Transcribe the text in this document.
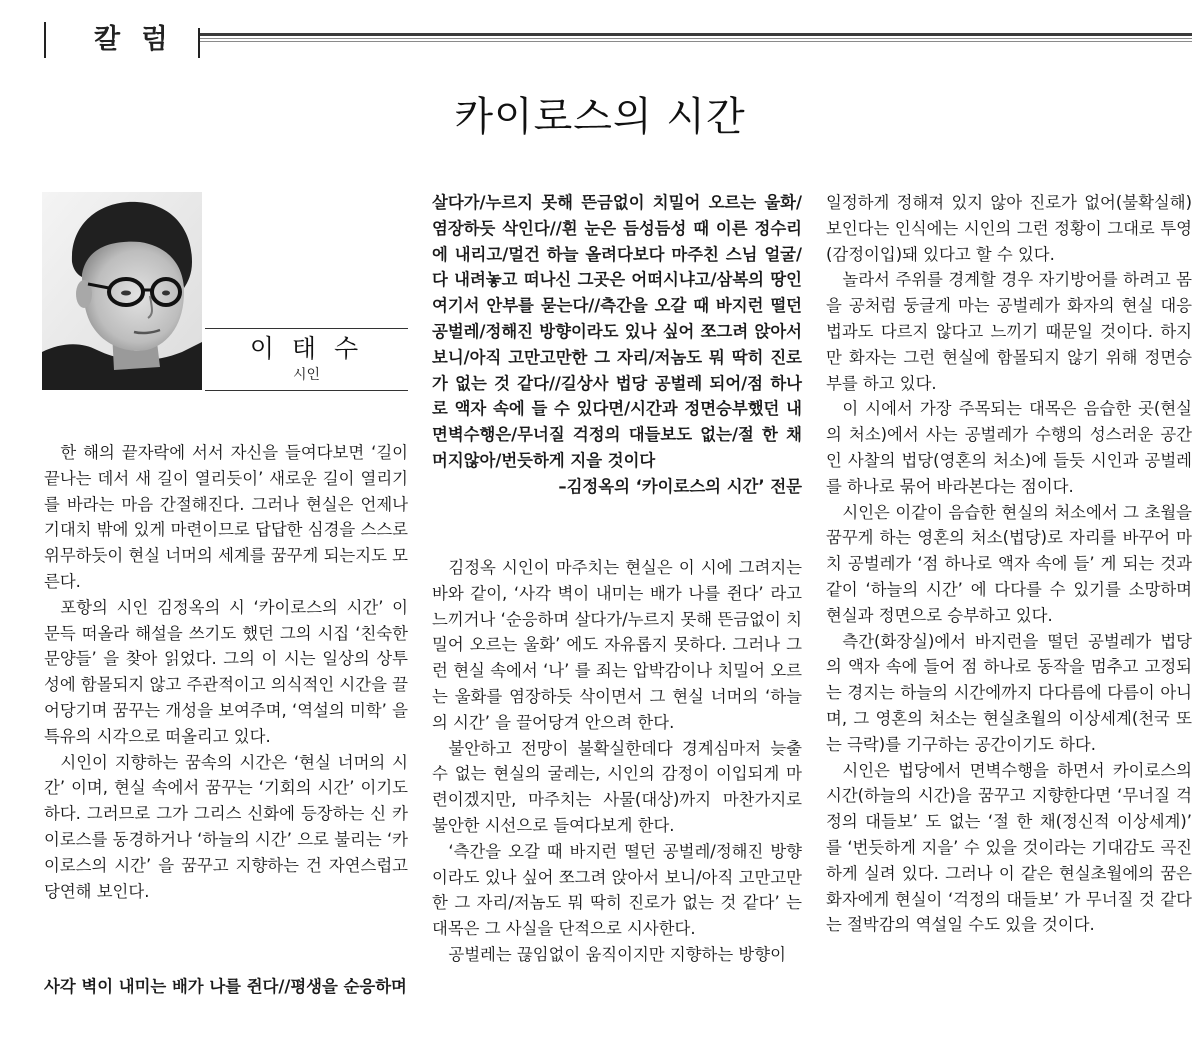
칼 럼
카이로스의 시간
이 태 수
시인

한 해의 끝자락에 서서 자신을 들여다보면 ‘길이 끝나는 데서 새 길이 열리듯이’ 새로운 길이 열리기를 바라는 마음 간절해진다. 그러나 현실은 언제나 기대치 밖에 있게 마련이므로 답답한 심경을 스스로 위무하듯이 현실 너머의 세계를 꿈꾸게 되는지도 모른다.

포항의 시인 김정옥의 시 ‘카이로스의 시간’ 이 문득 떠올라 해설을 쓰기도 했던 그의 시집 ‘친숙한 문양들’ 을 찾아 읽었다. 그의 이 시는 일상의 상투성에 함몰되지 않고 주관적이고 의식적인 시간을 끌어당기며 꿈꾸는 개성을 보여주며, ‘역설의 미학’ 을 특유의 시각으로 떠올리고 있다.

시인이 지향하는 꿈속의 시간은 ‘현실 너머의 시간’ 이며, 현실 속에서 꿈꾸는 ‘기회의 시간’ 이기도 하다. 그러므로 그가 그리스 신화에 등장하는 신 카이로스를 동경하거나 ‘하늘의 시간’ 으로 불리는 ‘카이로스의 시간’ 을 꿈꾸고 지향하는 건 자연스럽고 당연해 보인다.

사각 벽이 내미는 배가 나를 쥔다//평생을 순응하며

살다가/누르지 못해 뜬금없이 치밀어 오르는 울화/염장하듯 삭인다//흰 눈은 듬성듬성 때 이른 정수리에 내리고/멀건 하늘 올려다보다 마주친 스님 얼굴/다 내려놓고 떠나신 그곳은 어떠시냐고/삼복의 땅인 여기서 안부를 묻는다//측간을 오갈 때 바지런 떨던 공벌레/정해진 방향이라도 있나 싶어 쪼그려 앉아서 보니/아직 고만고만한 그 자리/저놈도 뭐 딱히 진로가 없는 것 같다//길상사 법당 공벌레 되어/점 하나로 액자 속에 들 수 있다면/시간과 정면승부했던 내 면벽수행은/무너질 걱정의 대들보도 없는/절 한 채 머지않아/번듯하게 지을 것이다

–김정옥의 ‘카이로스의 시간’ 전문

김정옥 시인이 마주치는 현실은 이 시에 그려지는 바와 같이, ‘사각 벽이 내미는 배가 나를 쥔다’ 라고 느끼거나 ‘순응하며 살다가/누르지 못해 뜬금없이 치밀어 오르는 울화’ 에도 자유롭지 못하다. 그러나 그런 현실 속에서 ‘나’ 를 죄는 압박감이나 치밀어 오르는 울화를 염장하듯 삭이면서 그 현실 너머의 ‘하늘의 시간’ 을 끌어당겨 안으려 한다.

불안하고 전망이 불확실한데다 경계심마저 늦출 수 없는 현실의 굴레는, 시인의 감정이 이입되게 마련이겠지만, 마주치는 사물(대상)까지 마찬가지로 불안한 시선으로 들여다보게 한다.

‘측간을 오갈 때 바지런 떨던 공벌레/정해진 방향이라도 있나 싶어 쪼그려 앉아서 보니/아직 고만고만한 그 자리/저놈도 뭐 딱히 진로가 없는 것 같다’ 는 대목은 그 사실을 단적으로 시사한다.

공벌레는 끊임없이 움직이지만 지향하는 방향이

일정하게 정해져 있지 않아 진로가 없어(불확실해) 보인다는 인식에는 시인의 그런 정황이 그대로 투영(감정이입)돼 있다고 할 수 있다.

놀라서 주위를 경계할 경우 자기방어를 하려고 몸을 공처럼 둥글게 마는 공벌레가 화자의 현실 대응 법과도 다르지 않다고 느끼기 때문일 것이다. 하지만 화자는 그런 현실에 함몰되지 않기 위해 정면승부를 하고 있다.

이 시에서 가장 주목되는 대목은 음습한 곳(현실의 처소)에서 사는 공벌레가 수행의 성스러운 공간인 사찰의 법당(영혼의 처소)에 들듯 시인과 공벌레를 하나로 묶어 바라본다는 점이다.

시인은 이같이 음습한 현실의 처소에서 그 초월을 꿈꾸게 하는 영혼의 처소(법당)로 자리를 바꾸어 마치 공벌레가 ‘점 하나로 액자 속에 들’ 게 되는 것과 같이 ‘하늘의 시간’ 에 다다를 수 있기를 소망하며 현실과 정면으로 승부하고 있다.

측간(화장실)에서 바지런을 떨던 공벌레가 법당의 액자 속에 들어 점 하나로 동작을 멈추고 고정되는 경지는 하늘의 시간에까지 다다름에 다름이 아니며, 그 영혼의 처소는 현실초월의 이상세계(천국 또는 극락)를 기구하는 공간이기도 하다.

시인은 법당에서 면벽수행을 하면서 카이로스의 시간(하늘의 시간)을 꿈꾸고 지향한다면 ‘무너질 걱정의 대들보’ 도 없는 ‘절 한 채(정신적 이상세계)’ 를 ‘번듯하게 지을’ 수 있을 것이라는 기대감도 곡진하게 실려 있다. 그러나 이 같은 현실초월에의 꿈은 화자에게 현실이 ‘걱정의 대들보’ 가 무너질 것 같다는 절박감의 역설일 수도 있을 것이다.
